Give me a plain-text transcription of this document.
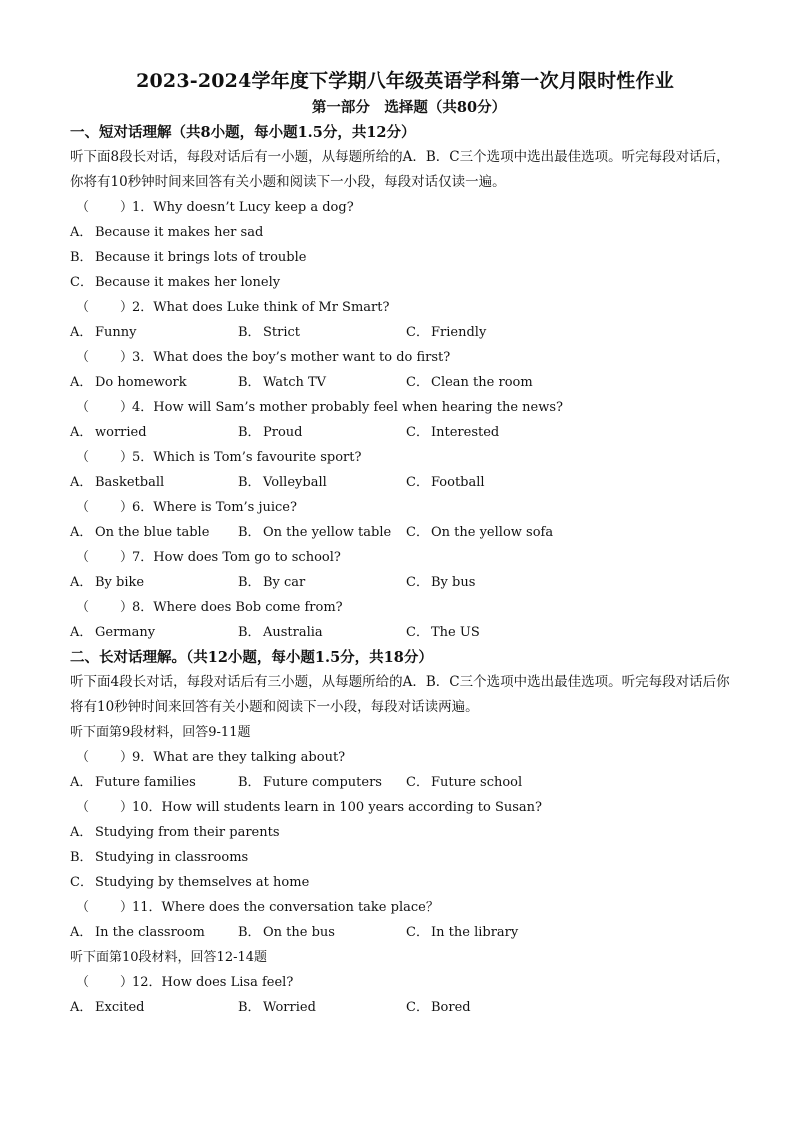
2023-2024学年度下学期八年级英语学科第一次月限时性作业
第一部分　选择题（共80分）
一、短对话理解（共8小题，每小题1.5分，共12分）
听下面8段长对话，每段对话后有一小题，从每题所给的A．B．C三个选项中选出最佳选项。听完每段对话后，你将有10秒钟时间来回答有关小题和阅读下一小段，每段对话仅读一遍。
（ ）1．Why doesn’t Lucy keep a dog?
A． Because it makes her sad
B． Because it brings lots of trouble
C． Because it makes her lonely
（ ）2．What does Luke think of Mr Smart?
A． Funny	B． Strict	C． Friendly
（ ）3．What does the boy’s mother want to do first?
A． Do homework	B． Watch TV	C． Clean the room
（ ）4．How will Sam’s mother probably feel when hearing the news?
A． worried	B． Proud	C． Interested
（ ）5．Which is Tom’s favourite sport?
A． Basketball	B． Volleyball	C． Football
（ ）6．Where is Tom’s juice?
A． On the blue table	B． On the yellow table	C． On the yellow sofa
（ ）7．How does Tom go to school?
A． By bike	B． By car	C． By bus
（ ）8．Where does Bob come from?
A． Germany	B． Australia	C． The US
二、长对话理解。（共12小题，每小题1.5分，共18分）
听下面4段长对话，每段对话后有三小题，从每题所给的A．B．C三个选项中选出最佳选项。听完每段对话后你将有10秒钟时间来回答有关小题和阅读下一小段，每段对话读两遍。
听下面第9段材料，回答9-11题
（ ）9．What are they talking about?
A． Future families	B． Future computers	C． Future school
（ ）10．How will students learn in 100 years according to Susan?
A． Studying from their parents
B． Studying in classrooms
C． Studying by themselves at home
（ ）11．Where does the conversation take place？
A． In the classroom	B． On the bus	C． In the library
听下面第10段材料，回答12-14题
（ ）12．How does Lisa feel?
A． Excited	B． Worried	C． Bored
